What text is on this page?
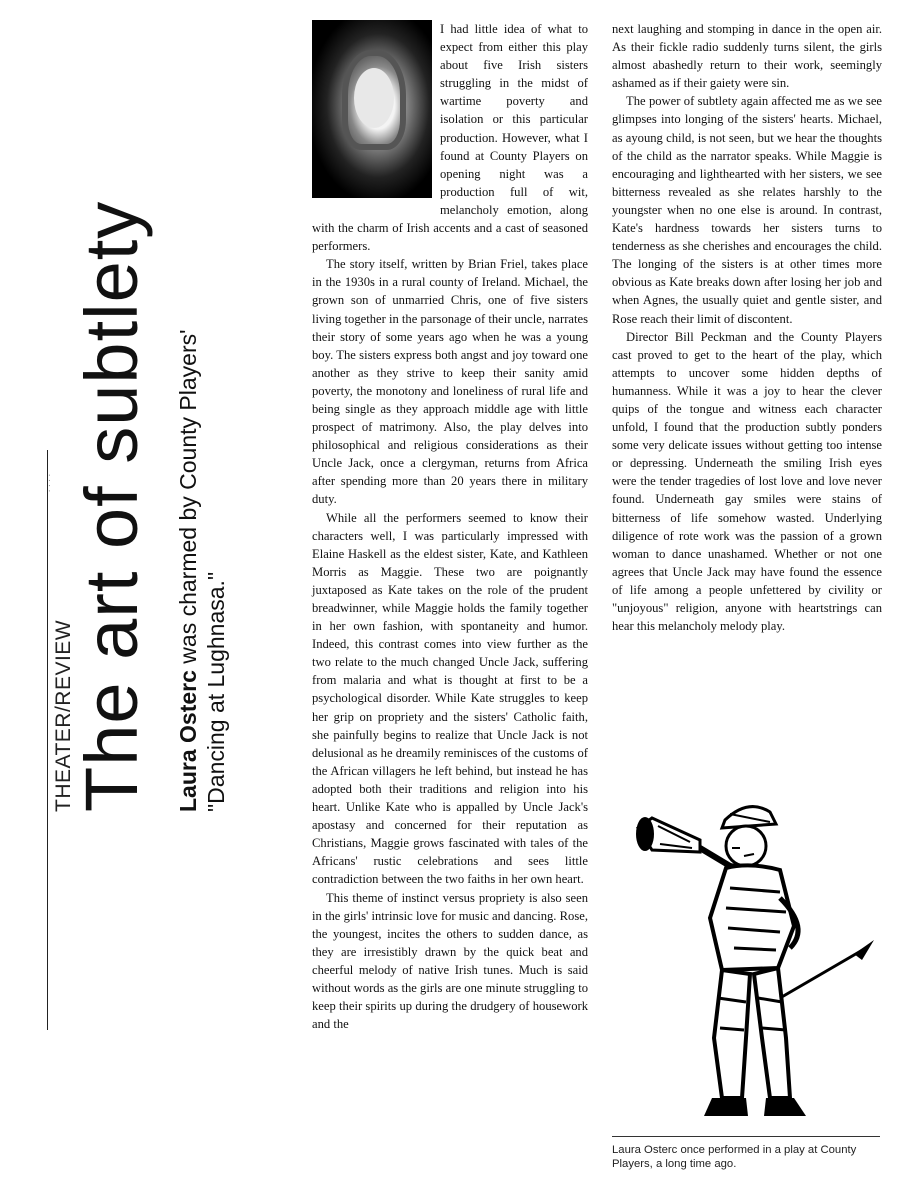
THEATER/REVIEW
The art of subtlety Laura Osterc was charmed by County Players'
"Dancing at Lughnasa."
· · · ·

I had little idea of what to expect from either this play about five Irish sisters struggling in the midst of wartime poverty and isolation or this particular production. However, what I found at County Players on opening night was a production full of wit, melancholy emotion, along with the charm of Irish accents and a cast of seasoned performers.

The story itself, written by Brian Friel, takes place in the 1930s in a rural county of Ireland. Michael, the grown son of unmarried Chris, one of five sisters living together in the parsonage of their uncle, narrates their story of some years ago when he was a young boy. The sisters express both angst and joy toward one another as they strive to keep their sanity amid poverty, the monotony and loneliness of rural life and being single as they approach middle age with little prospect of matrimony. Also, the play delves into philosophical and religious considerations as their Uncle Jack, once a clergyman, returns from Africa after spending more than 20 years there in military duty.

While all the performers seemed to know their characters well, I was particularly impressed with Elaine Haskell as the eldest sister, Kate, and Kathleen Morris as Maggie. These two are poignantly juxtaposed as Kate takes on the role of the prudent breadwinner, while Maggie holds the family together in her own fashion, with spontaneity and humor. Indeed, this contrast comes into view further as the two relate to the much changed Uncle Jack, suffering from malaria and what is thought at first to be a psychological disorder. While Kate struggles to keep her grip on propriety and the sisters' Catholic faith, she painfully begins to realize that Uncle Jack is not delusional as he dreamily reminisces of the customs of the African villagers he left behind, but instead he has adopted both their traditions and religion into his heart. Unlike Kate who is appalled by Uncle Jack's apostasy and concerned for their reputation as Christians, Maggie grows fascinated with tales of the Africans' rustic celebrations and sees little contradiction between the two faiths in her own heart.

This theme of instinct versus propriety is also seen in the girls' intrinsic love for music and dancing. Rose, the youngest, incites the others to sudden dance, as they are irresistibly drawn by the quick beat and cheerful melody of native Irish tunes. Much is said without words as the girls are one minute struggling to keep their spirits up during the drudgery of housework and the

next laughing and stomping in dance in the open air. As their fickle radio suddenly turns silent, the girls almost abashedly return to their work, seemingly ashamed as if their gaiety were sin.

The power of subtlety again affected me as we see glimpses into longing of the sisters' hearts. Michael, as ayoung child, is not seen, but we hear the thoughts of the child as the narrator speaks. While Maggie is encouraging and lighthearted with her sisters, we see bitterness revealed as she relates harshly to the youngster when no one else is around. In contrast, Kate's hardness towards her sisters turns to tenderness as she cherishes and encourages the child. The longing of the sisters is at other times more obvious as Kate breaks down after losing her job and when Agnes, the usually quiet and gentle sister, and Rose reach their limit of discontent.

Director Bill Peckman and the County Players cast proved to get to the heart of the play, which attempts to uncover some hidden depths of humanness. While it was a joy to hear the clever quips of the tongue and witness each character unfold, I found that the production subtly ponders some very delicate issues without getting too intense or depressing. Underneath the smiling Irish eyes were the tender tragedies of lost love and love never found. Underneath gay smiles were stains of bitterness of life somehow wasted. Underlying diligence of rote work was the passion of a grown woman to dance unashamed. Whether or not one agrees that Uncle Jack may have found the essence of life among a people unfettered by civility or "unjoyous" religion, anyone with heartstrings can hear this melancholy melody play.

Laura Osterc once performed in a play at County Players, a long time ago.
